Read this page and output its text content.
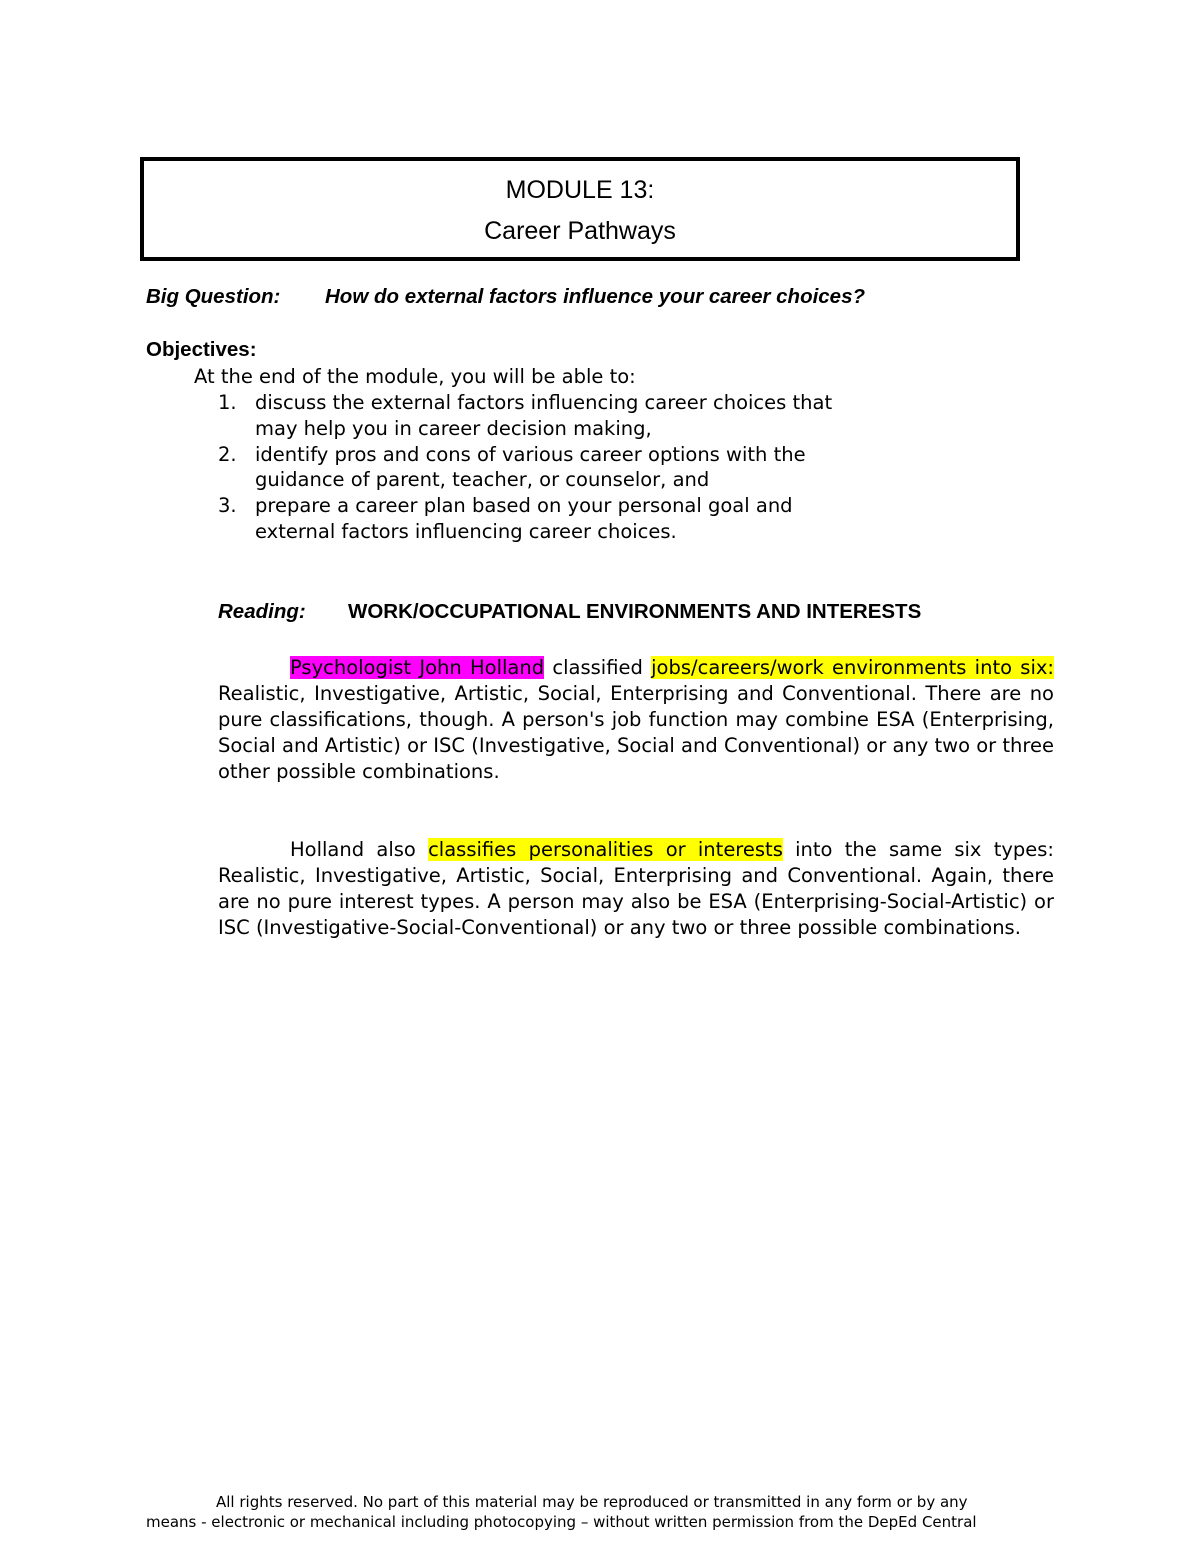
MODULE 13:
Career Pathways
Big Question: How do external factors influence your career choices?
Objectives:
At the end of the module, you will be able to:
1. discuss the external factors influencing career choices that
may help you in career decision making,
2. identify pros and cons of various career options with the
guidance of parent, teacher, or counselor, and
3. prepare a career plan based on your personal goal and
external factors influencing career choices.
Reading: WORK/OCCUPATIONAL ENVIRONMENTS AND INTERESTS

Psychologist John Holland classified jobs/careers/work environments into six: Realistic, Investigative, Artistic, Social, Enterprising and Conventional. There are no pure classifications, though. A person's job function may combine ESA (Enterprising, Social and Artistic) or ISC (Investigative, Social and Conventional) or any two or three other possible combinations.

Holland also classifies personalities or interests into the same six types: Realistic, Investigative, Artistic, Social, Enterprising and Conventional. Again, there are no pure interest types. A person may also be ESA (Enterprising-Social-Artistic) or ISC (Investigative-Social-Conventional) or any two or three possible combinations.

All rights reserved. No part of this material may be reproduced or transmitted in any form or by any
means - electronic or mechanical including photocopying – without written permission from the DepEd Central
